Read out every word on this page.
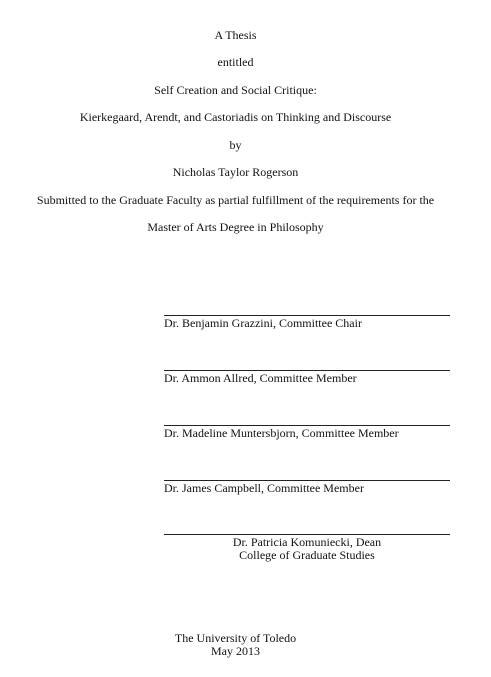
A Thesis
entitled
Self Creation and Social Critique:
Kierkegaard, Arendt, and Castoriadis on Thinking and Discourse
by
Nicholas Taylor Rogerson
Submitted to the Graduate Faculty as partial fulfillment of the requirements for the
Master of Arts Degree in Philosophy
Dr. Benjamin Grazzini, Committee Chair
Dr. Ammon Allred, Committee Member
Dr. Madeline Muntersbjorn, Committee Member
Dr. James Campbell, Committee Member
Dr. Patricia Komuniecki, Dean
College of Graduate Studies
The University of Toledo
May 2013
